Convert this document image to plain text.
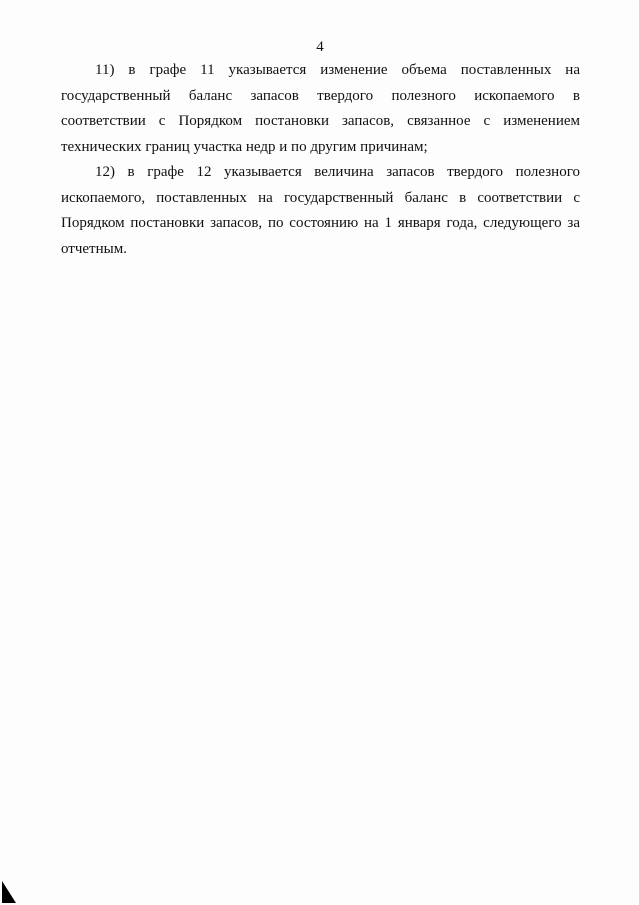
4

11) в графе 11 указывается изменение объема поставленных на государственный баланс запасов твердого полезного ископаемого в соответствии с Порядком постановки запасов, связанное с изменением технических границ участка недр и по другим причинам;

12) в графе 12 указывается величина запасов твердого полезного ископаемого, поставленных на государственный баланс в соответствии с Порядком постановки запасов, по состоянию на 1 января года, следующего за отчетным.
